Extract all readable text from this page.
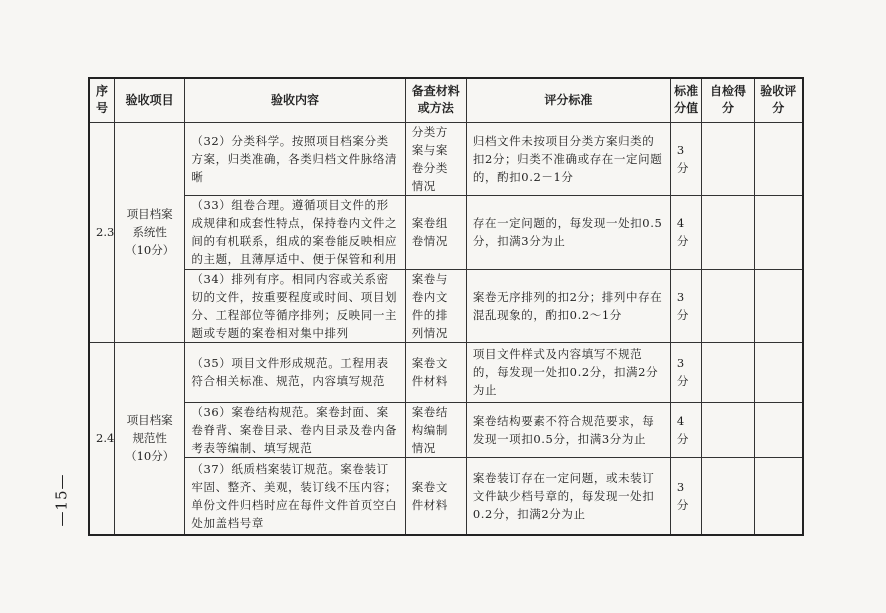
—15—
序号	验收项目	验收内容	备查材料或方法	评分标准	标准分值	自检得分	验收评分
2.3	项目档案系统性（10分）	（32）分类科学。按照项目档案分类方案，归类准确，各类归档文件脉络清晰	分类方案与案卷分类情况	归档文件未按项目分类方案归类的扣2分；归类不准确或存在一定问题的，酌扣0.2－1分	3分		
		（33）组卷合理。遵循项目文件的形成规律和成套性特点，保持卷内文件之间的有机联系，组成的案卷能反映相应的主题，且薄厚适中、便于保管和利用	案卷组卷情况	存在一定问题的，每发现一处扣0.5分，扣满3分为止	4分		
		（34）排列有序。相同内容或关系密切的文件，按重要程度或时间、项目划分、工程部位等循序排列；反映同一主题或专题的案卷相对集中排列	案卷与卷内文件的排列情况	案卷无序排列的扣2分；排列中存在混乱现象的，酌扣0.2～1分	3分		
2.4	项目档案规范性（10分）	（35）项目文件形成规范。工程用表符合相关标准、规范，内容填写规范	案卷文件材料	项目文件样式及内容填写不规范的，每发现一处扣0.2分，扣满2分为止	3分		
		（36）案卷结构规范。案卷封面、案卷脊背、案卷目录、卷内目录及卷内备考表等编制、填写规范	案卷结构编制情况	案卷结构要素不符合规范要求，每发现一项扣0.5分，扣满3分为止	4分		
		（37）纸质档案装订规范。案卷装订牢固、整齐、美观，装订线不压内容；单份文件归档时应在每件文件首页空白处加盖档号章	案卷文件材料	案卷装订存在一定问题，或未装订文件缺少档号章的，每发现一处扣0.2分，扣满2分为止	3分		
